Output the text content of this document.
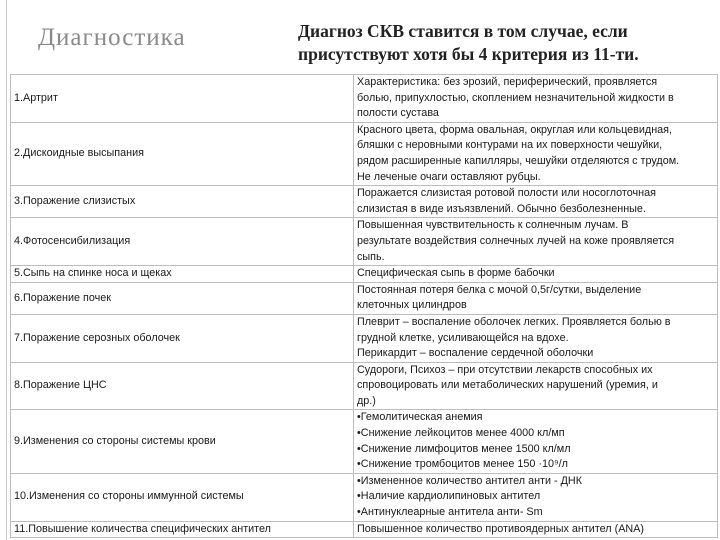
Диагностика	Диагноз СКВ ставится в том случае, если присутствуют хотя бы 4 критерия из 11-ти.
1.Артрит	Характеристика: без эрозий, периферический, проявляется
болью, припухлостью, скоплением незначительной жидкости в
полости сустава

2.Дискоидные высыпания	Красного цвета, форма овальная, округлая или кольцевидная,
бляшки с неровными контурами на их поверхности чешуйки,
рядом расширенные капилляры, чешуйки отделяются с трудом.
Не леченые очаги оставляют рубцы.

3.Поражение слизистых	Поражается слизистая ротовой полости или носоглоточная
слизистая в виде изъязвлений. Обычно безболезненные.

4.Фотосенсибилизация	Повышенная чувствительность к солнечным лучам. В
результате воздействия солнечных лучей на коже проявляется
сыпь.

5.Сыпь на спинке носа и щеках	Специфическая сыпь в форме бабочки

6.Поражение почек	Постоянная потеря белка с мочой 0,5г/сутки, выделение
клеточных цилиндров

7.Поражение серозных оболочек	Плеврит – воспаление оболочек легких. Проявляется болью в
грудной клетке, усиливающейся на вдохе.
Перикардит – воспаление сердечной оболочки

8.Поражение ЦНС	Судороги, Психоз – при отсутствии лекарств способных их
спровоцировать или метаболических нарушений (уремия, и
др.)

9.Изменения со стороны системы крови	•Гемолитическая анемия
•Снижение лейкоцитов менее 4000 кл/мп
•Снижение лимфоцитов менее 1500 кл/мл
•Снижение тромбоцитов менее 150 ·10⁹/л

10.Изменения со стороны иммунной системы	•Измененное количество антител анти - ДНК
•Наличие кардиолипиновых антител
•Антинуклеарные антитела анти- Sm

11.Повышение количества специфических антител	Повышенное количество противоядерных антител (ANA)
